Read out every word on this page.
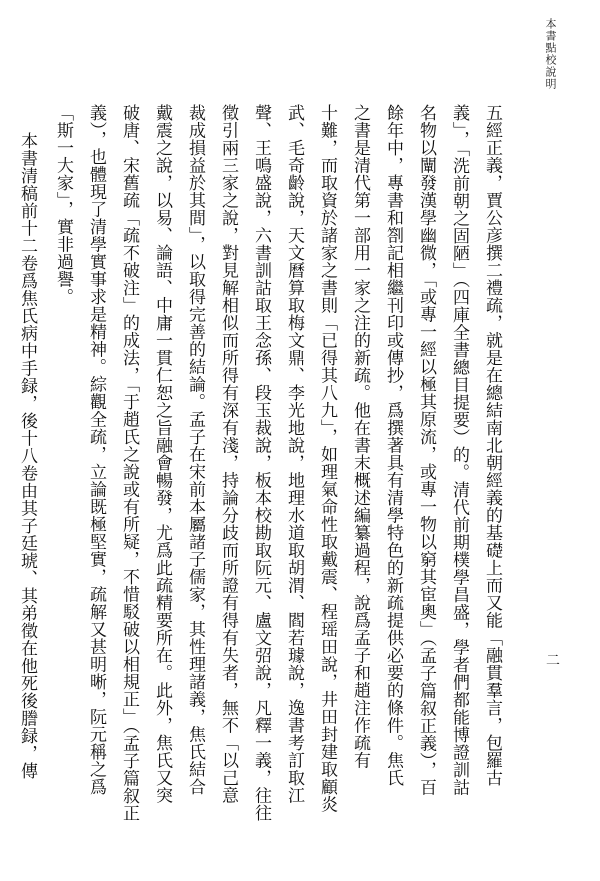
本書點校說明
二
五經正義，賈公彦撰二禮疏，就是在總結南北朝經義的基礎上而又能「融貫羣言，包羅古
義」，「洗前朝之固陋」（四庫全書總目提要）的。清代前期樸學昌盛，學者們都能博證訓詁
名物以闡發漢學幽微，「或專一經以極其原流，或專一物以窮其宦奧」（孟子篇叙正義），百
餘年中，專書和劄記相繼刊印或傳抄，爲撰著具有清學特色的新疏提供必要的條件。焦氏
之書是清代第一部用一家之注的新疏。他在書末概述編纂過程，說爲孟子和趙注作疏有
十難，而取資於諸家之書則「已得其八九」，如理氣命性取戴震、程瑶田說，井田封建取顧炎
武、毛奇齡說，天文曆算取梅文鼎、李光地說，地理水道取胡渭、閻若璩說，逸書考訂取江
聲、王鳴盛說，六書訓詁取王念孫、段玉裁說，板本校勘取阮元、盧文弨說，凡釋一義，往往
徵引兩三家之說，對見解相似而所得有深有淺，持論分歧而所證有得有失者，無不「以己意
裁成損益於其間」，以取得完善的結論。孟子在宋前本屬諸子儒家，其性理諸義，焦氏結合
戴震之說，以易、論語、中庸一貫仁恕之旨融會暢發，尤爲此疏精要所在。此外，焦氏又突
破唐、宋舊疏「疏不破注」的成法，「于趙氏之說或有所疑，不惜駁破以相規正」（孟子篇叙正
義），也體現了清學實事求是精神。綜觀全疏，立論既極堅實，疏解又甚明晰，阮元稱之爲
「斯一大家」，實非過譽。
本書清稿前十二卷爲焦氏病中手録，後十八卷由其子廷琥、其弟徵在他死後謄録，傳
